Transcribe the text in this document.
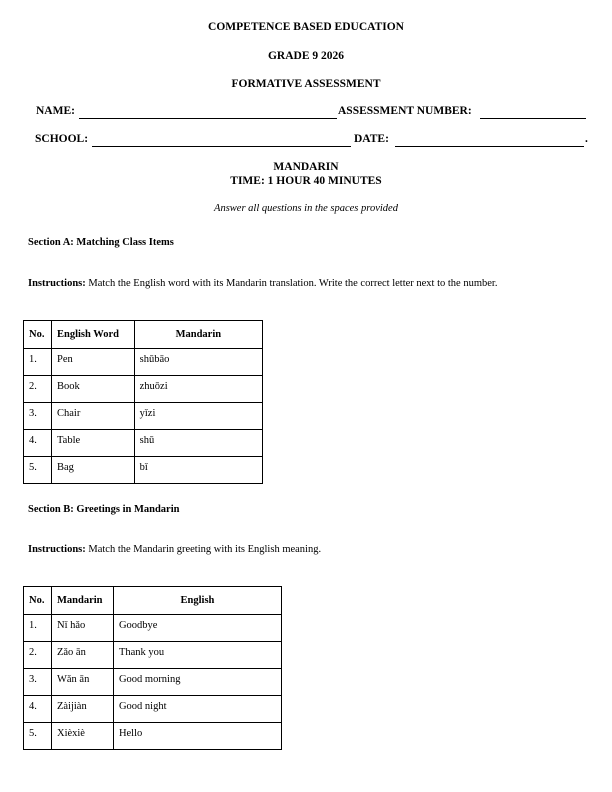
COMPETENCE BASED EDUCATION
GRADE 9 2026
FORMATIVE ASSESSMENT
NAME:	ASSESSMENT NUMBER:
SCHOOL:	DATE:	.
MANDARIN
TIME: 1 HOUR 40 MINUTES
Answer all questions in the spaces provided
Section A: Matching Class Items
Instructions: Match the English word with its Mandarin translation. Write the correct letter next to the number.
No.	English Word	Mandarin
1.	Pen	shūbāo
2.	Book	zhuōzi
3.	Chair	yǐzi
4.	Table	shū
5.	Bag	bǐ
Section B: Greetings in Mandarin
Instructions: Match the Mandarin greeting with its English meaning.
No.	Mandarin	English
1.	Nǐ hǎo	Goodbye
2.	Zǎo ān	Thank you
3.	Wǎn ān	Good morning
4.	Zàijiàn	Good night
5.	Xièxiè	Hello
